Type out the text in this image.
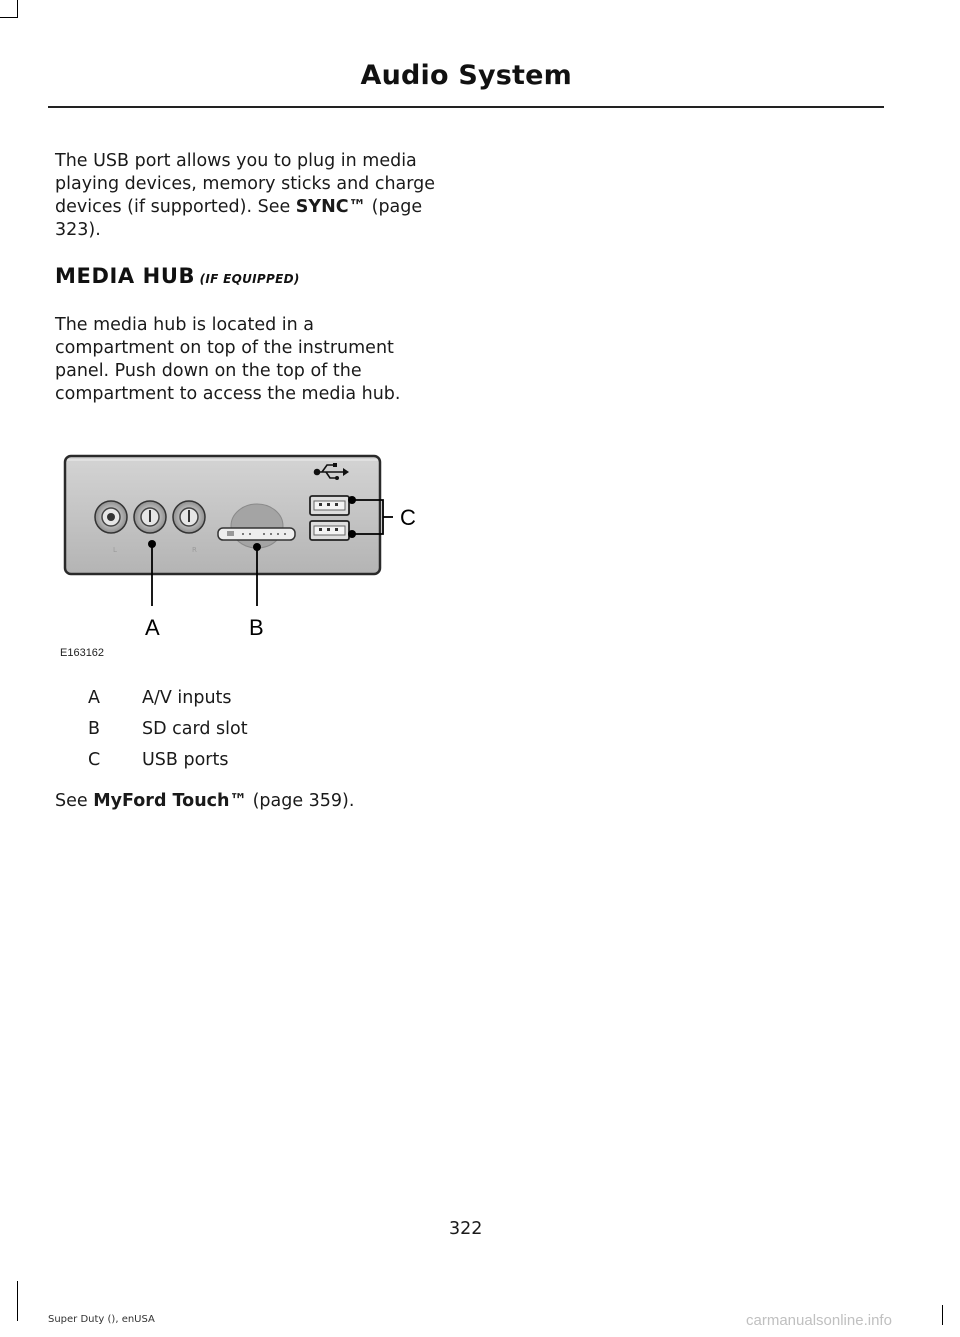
Audio System
The USB port allows you to plug in media playing devices, memory sticks and charge devices (if supported). See SYNC™ (page 323).
MEDIA HUB (IF EQUIPPED)
The media hub is located in a compartment on top of the instrument panel. Push down on the top of the compartment to access the media hub.
L	R
A	B
C
E163162
A	A/V inputs
B	SD card slot
C	USB ports
See MyFord Touch™ (page 359).
322
Super Duty (), enUSA	carmanualsonline.info
